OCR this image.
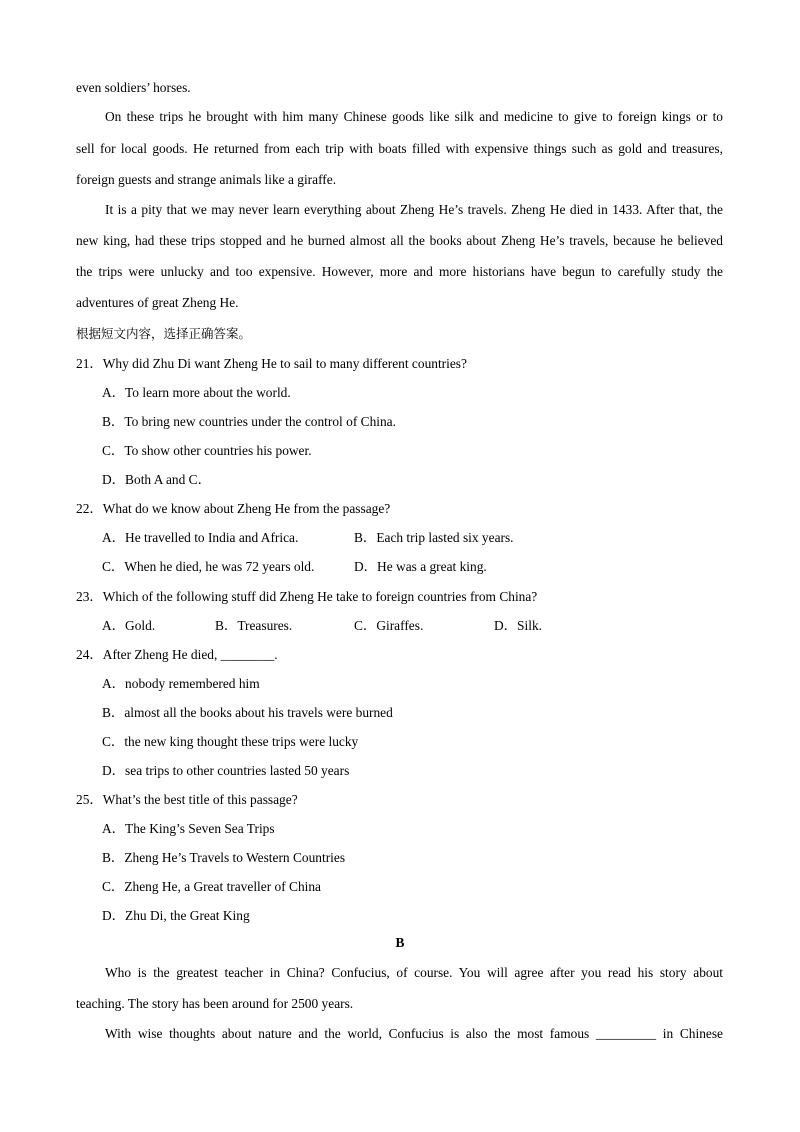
even soldiers’ horses.
On these trips he brought with him many Chinese goods like silk and medicine to give to foreign kings or to
sell for local goods. He returned from each trip with boats filled with expensive things such as gold and treasures,
foreign guests and strange animals like a giraffe.
It is a pity that we may never learn everything about Zheng He’s travels. Zheng He died in 1433. After that, the
new king, had these trips stopped and he burned almost all the books about Zheng He’s travels, because he believed
the trips were unlucky and too expensive. However, more and more historians have begun to carefully study the
adventures of great Zheng He.
根据短文内容，选择正确答案。
21．Why did Zhu Di want Zheng He to sail to many different countries?
A．To learn more about the world.
B．To bring new countries under the control of China.
C．To show other countries his power.
D．Both A and C．
22．What do we know about Zheng He from the passage?
A．He travelled to India and Africa.	B．Each trip lasted six years.
C．When he died, he was 72 years old.	D．He was a great king.
23．Which of the following stuff did Zheng He take to foreign countries from China?
A．Gold.	B．Treasures.	C．Giraffes.	D．Silk.
24．After Zheng He died, ________.
A．nobody remembered him
B．almost all the books about his travels were burned
C．the new king thought these trips were lucky
D．sea trips to other countries lasted 50 years
25．What’s the best title of this passage?
A．The King’s Seven Sea Trips
B．Zheng He’s Travels to Western Countries
C．Zheng He, a Great traveller of China
D．Zhu Di, the Great King
B
Who is the greatest teacher in China? Confucius, of course. You will agree after you read his story about
teaching. The story has been around for 2500 years.
With wise thoughts about nature and the world, Confucius is also the most famous _________ in Chinese
